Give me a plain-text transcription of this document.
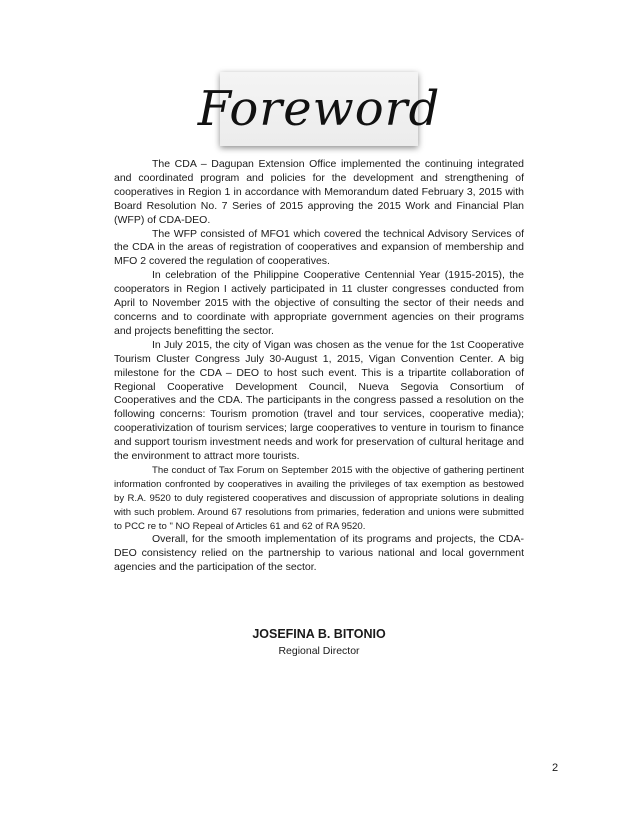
Foreword

The CDA – Dagupan Extension Office implemented the continuing integrated and coordinated program and policies for the development and strengthening of cooperatives in Region 1 in accordance with Memorandum dated February 3, 2015 with Board Resolution No. 7 Series of 2015 approving the 2015 Work and Financial Plan (WFP) of CDA-DEO.

The WFP consisted of MFO1 which covered the technical Advisory Services of the CDA in the areas of registration of cooperatives and expansion of membership and MFO 2 covered the regulation of cooperatives.

In celebration of the Philippine Cooperative Centennial Year (1915-2015), the cooperators in Region I actively participated in 11 cluster congresses conducted from April to November 2015 with the objective of consulting the sector of their needs and concerns and to coordinate with appropriate government agencies on their programs and projects benefitting the sector.

In July 2015, the city of Vigan was chosen as the venue for the 1st Cooperative Tourism Cluster Congress July 30-August 1, 2015, Vigan Convention Center. A big milestone for the CDA – DEO to host such event. This is a tripartite collaboration of Regional Cooperative Development Council, Nueva Segovia Consortium of Cooperatives and the CDA. The participants in the congress passed a resolution on the following concerns: Tourism promotion (travel and tour services, cooperative media); cooperativization of tourism services; large cooperatives to venture in tourism to finance and support tourism investment needs and work for preservation of cultural heritage and the environment to attract more tourists.

The conduct of Tax Forum on September 2015 with the objective of gathering pertinent information confronted by cooperatives in availing the privileges of tax exemption as bestowed by R.A. 9520 to duly registered cooperatives and discussion of appropriate solutions in dealing with such problem. Around 67 resolutions from primaries, federation and unions were submitted to PCC re to " NO Repeal of Articles 61 and 62 of RA 9520.

Overall, for the smooth implementation of its programs and projects, the CDA-DEO consistency relied on the partnership to various national and local government agencies and the participation of the sector.

JOSEFINA B. BITONIO
Regional Director
2
